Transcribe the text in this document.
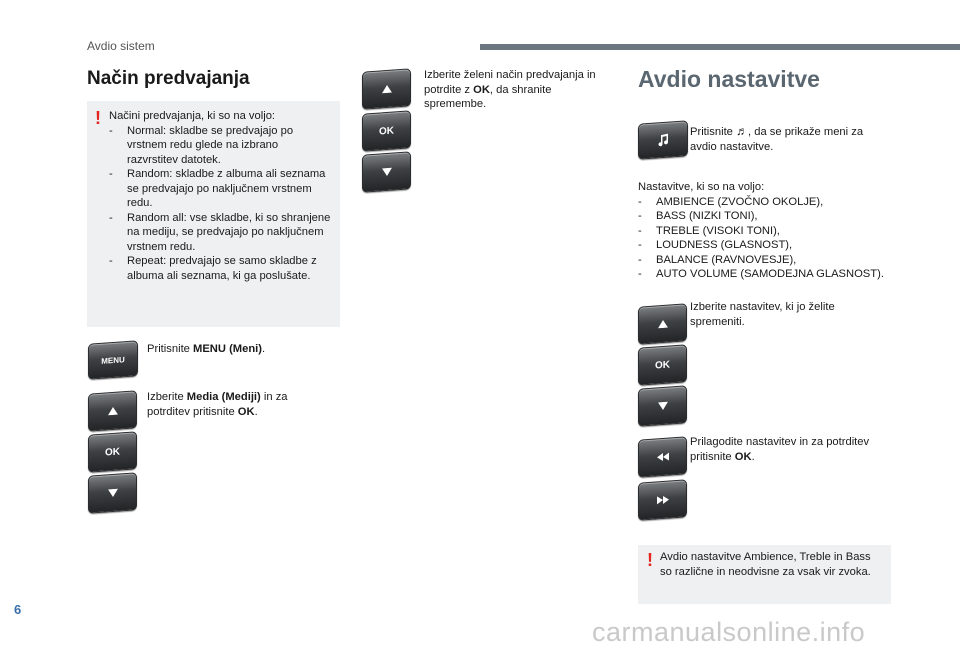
Avdio sistem
Način predvajanja
! Načini predvajanja, ki so na voljo:
- Normal: skladbe se predvajajo po vrstnem redu glede na izbrano razvrstitev datotek.
- Random: skladbe z albuma ali seznama se predvajajo po naključnem vrstnem redu.
- Random all: vse skladbe, ki so shranjene na mediju, se predvajajo po naključnem vrstnem redu.
- Repeat: predvajajo se samo skladbe z albuma ali seznama, ki ga poslušate.
MENU
Pritisnite MENU (Meni).
OK
Izberite Media (Mediji) in za potrditev pritisnite OK.
OK
Izberite želeni način predvajanja in potrdite z OK, da shranite spremembe.
Avdio nastavitve
Pritisnite ♬, da se prikaže meni za avdio nastavitve.
Nastavitve, ki so na voljo:
- AMBIENCE (ZVOČNO OKOLJE),
- BASS (NIZKI TONI),
- TREBLE (VISOKI TONI),
- LOUDNESS (GLASNOST),
- BALANCE (RAVNOVESJE),
- AUTO VOLUME (SAMODEJNA GLASNOST).
OK
Izberite nastavitev, ki jo želite spremeniti.
Prilagodite nastavitev in za potrditev pritisnite OK.
! Avdio nastavitve Ambience, Treble in Bass so različne in neodvisne za vsak vir zvoka.
6
carmanualsonline.info
